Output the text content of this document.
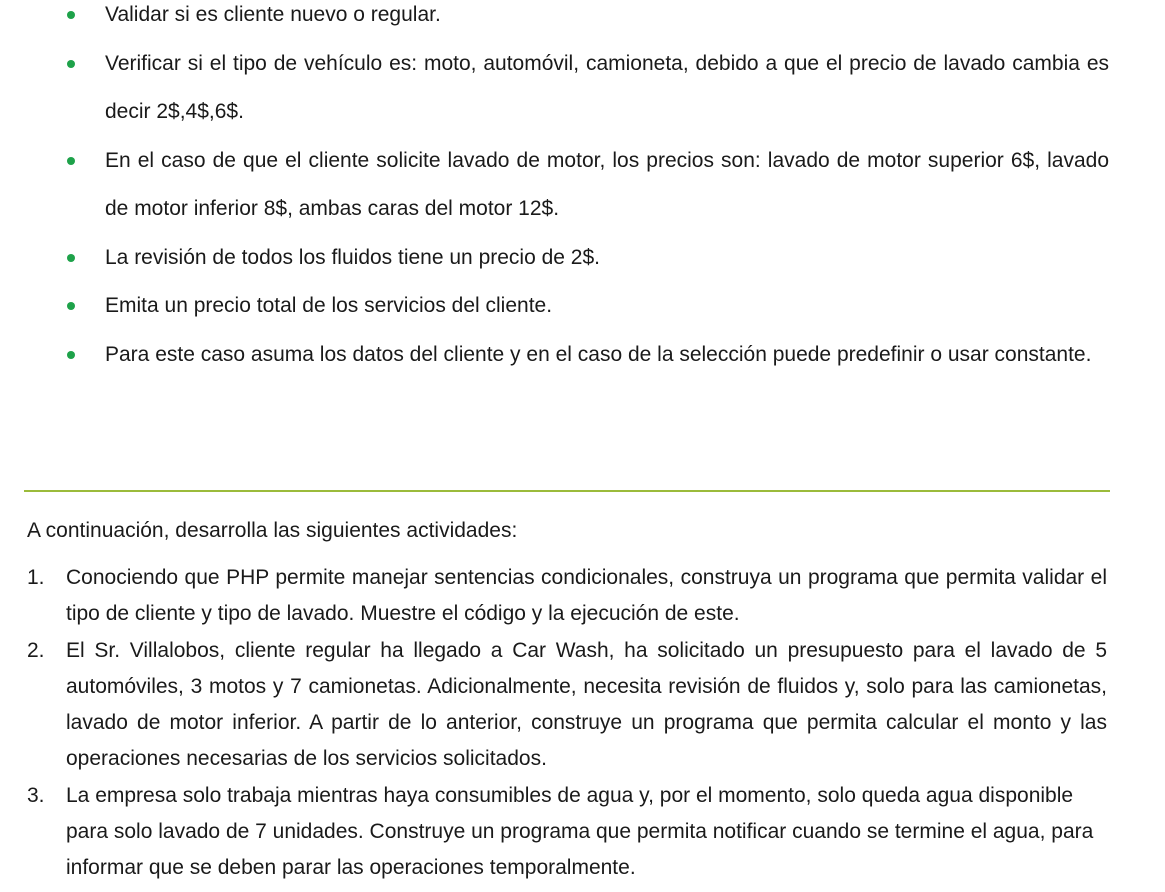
Validar si es cliente nuevo o regular.
Verificar si el tipo de vehículo es: moto, automóvil, camioneta, debido a que el precio de lavado cambia es decir 2$,4$,6$.
En el caso de que el cliente solicite lavado de motor, los precios son: lavado de motor superior 6$, lavado de motor inferior 8$, ambas caras del motor 12$.
La revisión de todos los fluidos tiene un precio de 2$.
Emita un precio total de los servicios del cliente.
Para este caso asuma los datos del cliente y en el caso de la selección puede predefinir o usar constante.

A continuación, desarrolla las siguientes actividades:

1. Conociendo que PHP permite manejar sentencias condicionales, construya un programa que permita validar el tipo de cliente y tipo de lavado. Muestre el código y la ejecución de este.
2. El Sr. Villalobos, cliente regular ha llegado a Car Wash, ha solicitado un presupuesto para el lavado de 5 automóviles, 3 motos y 7 camionetas. Adicionalmente, necesita revisión de fluidos y, solo para las camionetas, lavado de motor inferior. A partir de lo anterior, construye un programa que permita calcular el monto y las operaciones necesarias de los servicios solicitados.
3. La empresa solo trabaja mientras haya consumibles de agua y, por el momento, solo queda agua disponible para solo lavado de 7 unidades. Construye un programa que permita notificar cuando se termine el agua, para informar que se deben parar las operaciones temporalmente.
